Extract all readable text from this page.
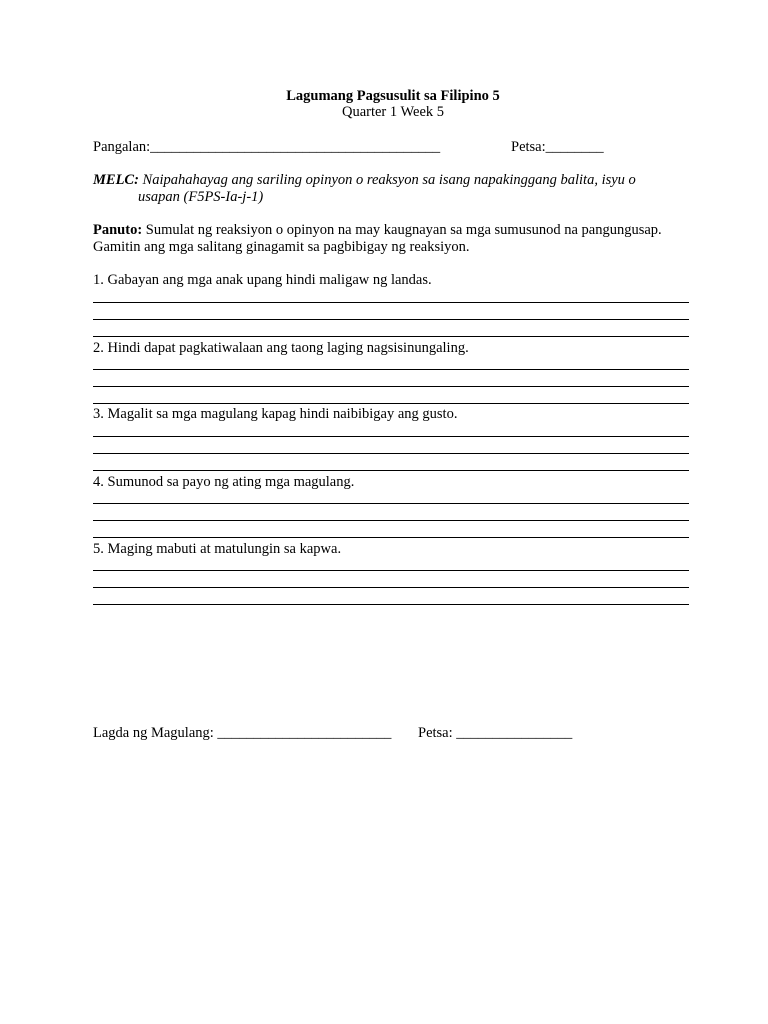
Lagumang Pagsusulit sa Filipino 5
Quarter 1 Week 5
Pangalan:________________________________________	Petsa:________
MELC: Naipahahayag ang sariling opinyon o reaksyon sa isang napakinggang balita, isyu o
usapan (F5PS-Ia-j-1)
Panuto: Sumulat ng reaksiyon o opinyon na may kaugnayan sa mga sumusunod na pangungusap. Gamitin ang mga salitang ginagamit sa pagbibigay ng reaksiyon.
1. Gabayan ang mga anak upang hindi maligaw ng landas.
2. Hindi dapat pagkatiwalaan ang taong laging nagsisinungaling.
3. Magalit sa mga magulang kapag hindi naibibigay ang gusto.
4. Sumunod sa payo ng ating mga magulang.
5. Maging mabuti at matulungin sa kapwa.
Lagda ng Magulang: ________________________ Petsa: ________________
